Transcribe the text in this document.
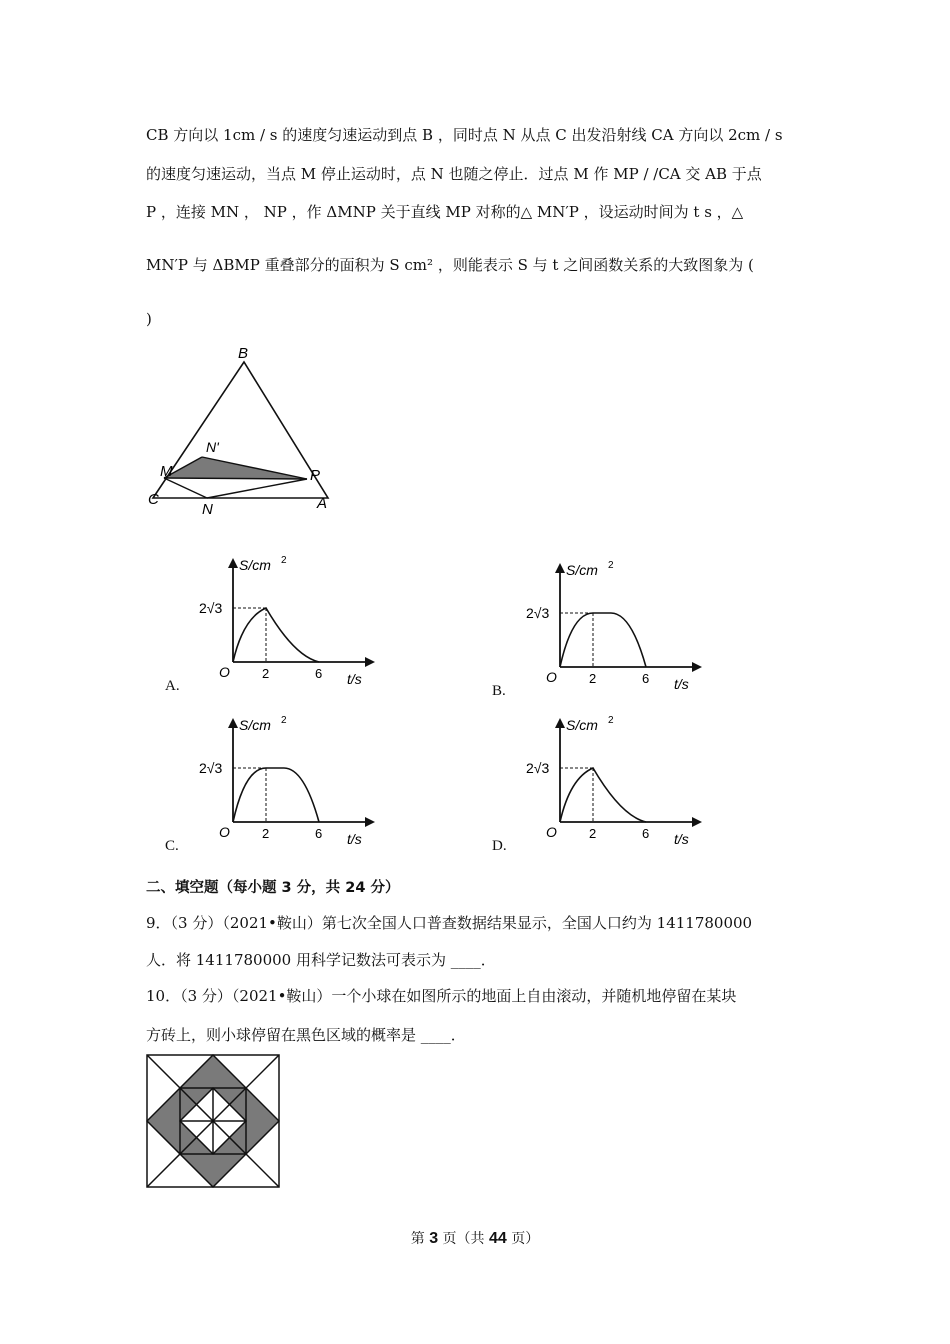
CB 方向以 1cm / s 的速度匀速运动到点 B ，同时点 N 从点 C 出发沿射线 CA 方向以 2cm / s
的速度匀速运动，当点 M 停止运动时，点 N 也随之停止．过点 M 作 MP / /CA 交 AB 于点
P ，连接 MN ， NP ，作 ΔMNP 关于直线 MP 对称的△ MN′P ，设运动时间为 t s ，△
MN′P 与 ΔBMP 重叠部分的面积为 S cm² ，则能表示 S 与 t 之间函数关系的大致图象为 (
)
B
N'
M	P
C
N	A
A.
S/cm 2
2√3
O 2	6 t/s
B.
S/cm 2
2√3
O 2	6 t/s
C.
S/cm 2
2√3
O 2	6 t/s	D.
S/cm 2
2√3
O 2	6 t/s
二、填空题（每小题 3 分，共 24 分）
9．（3 分）（2021•鞍山）第七次全国人口普查数据结果显示，全国人口约为 1411780000
人．将 1411780000 用科学记数法可表示为 ____．
10．（3 分）（2021•鞍山）一个小球在如图所示的地面上自由滚动，并随机地停留在某块
方砖上，则小球停留在黑色区域的概率是 ____．
第 3 页（共 44 页）
